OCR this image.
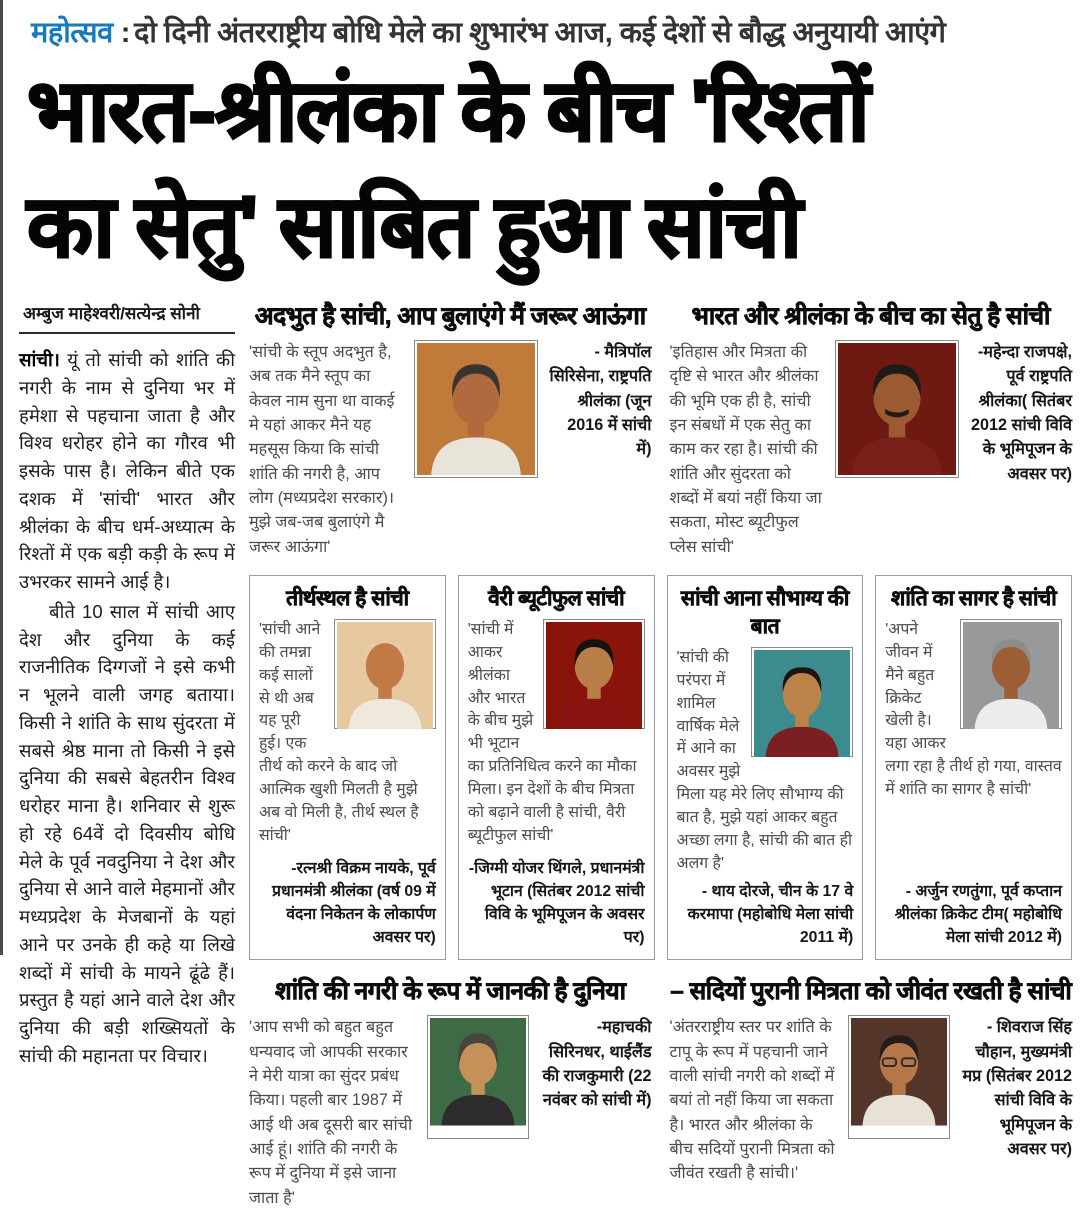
महोत्सव : दो दिनी अंतरराष्ट्रीय बोधि मेले का शुभारंभ आज, कई देशों से बौद्ध अनुयायी आएंगे
भारत-श्रीलंका के बीच 'रिश्तों
का सेतु' साबित हुआ सांची
अम्बुज माहेश्वरी/सत्येन्द्र सोनी

सांची। यूं तो सांची को शांति की नगरी के नाम से दुनिया भर में हमेशा से पहचाना जाता है और विश्व धरोहर होने का गौरव भी इसके पास है। लेकिन बीते एक दशक में 'सांची' भारत और श्रीलंका के बीच धर्म-अध्यात्म के रिश्तों में एक बड़ी कड़ी के रूप में उभरकर सामने आई है।

बीते 10 साल में सांची आए देश और दुनिया के कई राजनीतिक दिग्गजों ने इसे कभी न भूलने वाली जगह बताया। किसी ने शांति के साथ सुंदरता में सबसे श्रेष्ठ माना तो किसी ने इसे दुनिया की सबसे बेहतरीन विश्व धरोहर माना है। शनिवार से शुरू हो रहे 64वें दो दिवसीय बोधि मेले के पूर्व नवदुनिया ने देश और दुनिया से आने वाले मेहमानों और मध्यप्रदेश के मेजबानों के यहां आने पर उनके ही कहे या लिखे शब्दों में सांची के मायने ढूंढे हैं। प्रस्तुत है यहां आने वाले देश और दुनिया की बड़ी शख्सियतों के सांची की महानता पर विचार।

अदभुत है सांची, आप बुलाएंगे मैं जरूर आऊंगा
'सांची के स्तूप अदभुत है, अब तक मैने स्तूप का केवल नाम सुना था वाकई मे यहां आकर मैने यह महसूस किया कि सांची शांति की नगरी है, आप लोग (मध्यप्रदेश सरकार)। मुझे जब-जब बुलाएंगे मै जरूर आऊंगा'
- मैत्रिपॉल सिरिसेना, राष्ट्रपति श्रीलंका (जून 2016 में सांची में)
भारत और श्रीलंका के बीच का सेतु है सांची
'इतिहास और मित्रता की दृष्टि से भारत और श्रीलंका की भूमि एक ही है, सांची इन संबधों में एक सेतु का काम कर रहा है। सांची की शांति और सुंदरता को शब्दों में बयां नहीं किया जा सकता, मोस्ट ब्यूटीफुल प्लेस सांची'
-महेन्दा राजपक्षे, पूर्व राष्ट्रपति श्रीलंका( सितंबर 2012 सांची विवि के भूमिपूजन के अवसर पर)
तीर्थस्थल है सांची
'सांची आने की तमन्ना कई सालों से थी अब यह पूरी हुई। एक तीर्थ को करने के बाद जो आत्मिक खुशी मिलती है मुझे अब वो मिली है, तीर्थ स्थल है सांची'
-रत्नश्री विक्रम नायके, पूर्व प्रधानमंत्री श्रीलंका (वर्ष 09 में वंदना निकेतन के लोकार्पण अवसर पर)
वैरी ब्यूटीफुल सांची
'सांची में आकर श्रीलंका और भारत के बीच मुझे भी भूटान का प्रतिनिधित्व करने का मौका मिला। इन देशों के बीच मित्रता को बढ़ाने वाली है सांची, वैरी ब्यूटीफुल सांची'
-जिग्मी योजर थिंगले, प्रधानमंत्री भूटान (सितंबर 2012 सांची विवि के भूमिपूजन के अवसर पर)
सांची आना सौभाग्य की बात
'सांची की परंपरा में शामिल वार्षिक मेले में आने का अवसर मुझे मिला यह मेरे लिए सौभाग्य की बात है, मुझे यहां आकर बहुत अच्छा लगा है, सांची की बात ही अलग है'
- थाय दोरजे, चीन के 17 वे करमापा (महोबोधि मेला सांची 2011 में)
शांति का सागर है सांची
'अपने जीवन में मैने बहुत क्रिकेट खेली है। यहा आकर लगा रहा है तीर्थ हो गया, वास्तव में शांति का सागर है सांची'
- अर्जुन रणतुंगा, पूर्व कप्तान श्रीलंका क्रिकेट टीम( महोबोधि मेला सांची 2012 में)
शांति की नगरी के रूप में जानकी है दुनिया
'आप सभी को बहुत बहुत धन्यवाद जो आपकी सरकार ने मेरी यात्रा का सुंदर प्रबंध किया। पहली बार 1987 में आई थी अब दूसरी बार सांची आई हूं। शांति की नगरी के रूप में दुनिया में इसे जाना जाता है'
-महाचकी सिरिनधर, थाईलैंड की राजकुमारी (22 नवंबर को सांची में)
– सदियों पुरानी मित्रता को जीवंत रखती है सांची
'अंतरराष्ट्रीय स्तर पर शांति के टापू के रूप में पहचानी जाने वाली सांची नगरी को शब्दों में बयां तो नहीं किया जा सकता है। भारत और श्रीलंका के बीच सदियों पुरानी मित्रता को जीवंत रखती है सांची।'
- शिवराज सिंह चौहान, मुख्यमंत्री मप्र (सितंबर 2012 सांची विवि के भूमिपूजन के अवसर पर)
